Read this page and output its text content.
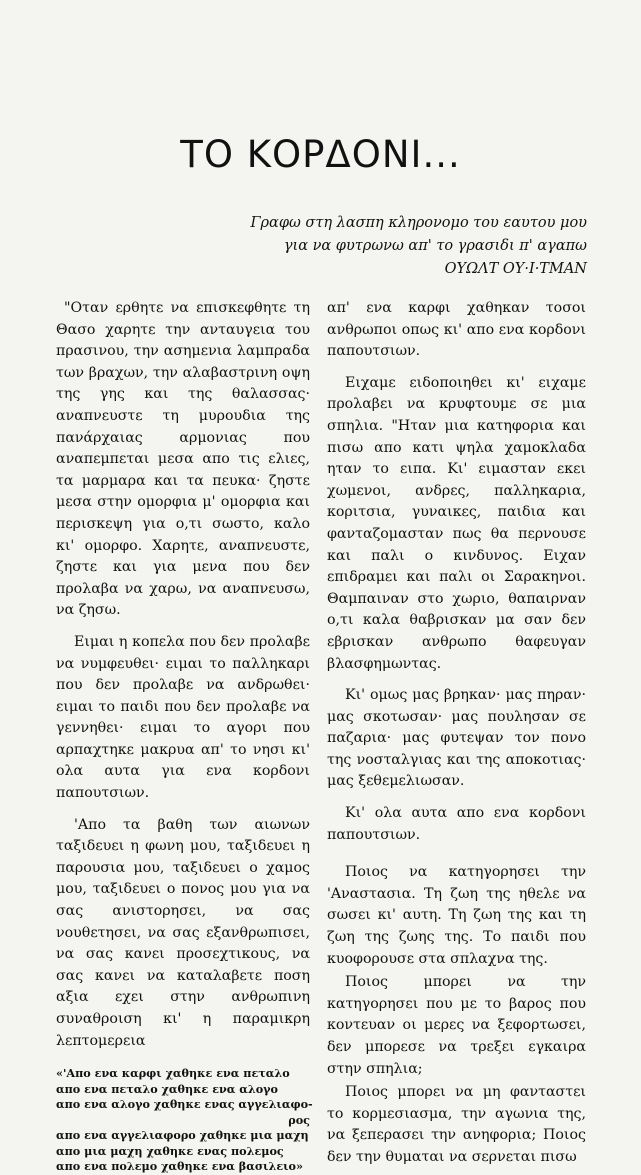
ΤΟ ΚΟΡΔΟΝΙ...
Γραφω στη λασπη κληρονομο του εαυτου μου
για να φυτρωνω απ' το γρασιδι π' αγαπω
ΟΥΩΛΤ ΟΥ·Ι·ΤΜΑΝ

"Οταν ερθητε να επισκεφθητε τη Θασο χαρητε την ανταυγεια του πρασινου, την ασημενια λαμπραδα των βραχων, την αλαβαστρινη οψη της γης και της θαλασσας· αναπνευστε τη μυρουδια της πανάρχαιας αρμονιας που αναπεμπεται μεσα απο τις ελιες, τα μαρμαρα και τα πευκα· ζηστε μεσα στην ομορφια μ' ομορφια και περισκεψη για ο,τι σωστο, καλο κι' ομορφο. Χαρητε, αναπνευστε, ζηστε και για μενα που δεν προλαβα να χαρω, να αναπνευσω, να ζησω.

Ειμαι η κοπελα που δεν προλαβε να νυμφευθει· ειμαι το παλληκαρι που δεν προλαβε να ανδρωθει· ειμαι το παιδι που δεν προλαβε να γεννηθει· ειμαι το αγορι που αρπαχτηκε μακρυα απ' το νησι κι' ολα αυτα για ενα κορδονι παπουτσιων.

'Απο τα βαθη των αιωνων ταξιδευει η φωνη μου, ταξιδευει η παρουσια μου, ταξιδευει ο χαμος μου, ταξιδευει ο πονος μου για να σας ανιστορησει, να σας νουθετησει, να σας εξανθρωπισει, να σας κανει προσεχτικους, να σας κανει να καταλαβετε ποση αξια εχει στην ανθρωπινη συναθροιση κι' η παραμικρη λεπτομερεια

«'Απο ενα καρφι χαθηκε ενα πεταλο
απο ενα πεταλο χαθηκε ενα αλογο
απο ενα αλογο χαθηκε ενας αγγελιαφο-
ρος
απο ενα αγγελιαφορο χαθηκε μια μαχη
απο μια μαχη χαθηκε ενας πολεμος
απο ενα πολεμο χαθηκε ενα βασιλειο»

απ' ενα καρφι χαθηκαν τοσοι ανθρωποι οπως κι' απο ενα κορδονι παπουτσιων.

Ειχαμε ειδοποιηθει κι' ειχαμε προλαβει να κρυφτουμε σε μια σπηλια. "Ηταν μια κατηφορια και πισω απο κατι ψηλα χαμοκλαδα ηταν το ειπα. Κι' ειμασταν εκει χωμενοι, ανδρες, παλληκαρια, κοριτσια, γυναικες, παιδια και φανταζομασταν πως θα περνουσε και παλι ο κινδυνος. Ειχαν επιδραμει και παλι οι Σαρακηνοι. Θαμπαιναν στο χωριο, θαπαιρναν ο,τι καλα θαβρισκαν μα σαν δεν εβρισκαν ανθρωπο θαφευγαν βλασφημωντας.

Κι' ομως μας βρηκαν· μας πηραν· μας σκοτωσαν· μας πουλησαν σε παζαρια· μας φυτεψαν τον πονο της νοσταλγιας και της αποκοτιας· μας ξεθεμελιωσαν.

Κι' ολα αυτα απο ενα κορδονι παπουτσιων.

Ποιος να κατηγορησει την 'Αναστασια. Τη ζωη της ηθελε να σωσει κι' αυτη. Τη ζωη της και τη ζωη της ζωης της. Το παιδι που κυοφορουσε στα σπλαχνα της.

Ποιος μπορει να την κατηγορησει που με το βαρος που κοντευαν οι μερες να ξεφορτωσει, δεν μπορεσε να τρεξει εγκαιρα στην σπηλια;

Ποιος μπορει να μη φανταστει το κορμεσιασμα, την αγωνια της, να ξεπερασει την ανηφορια; Ποιος δεν την θυμαται να σερνεται πισω
